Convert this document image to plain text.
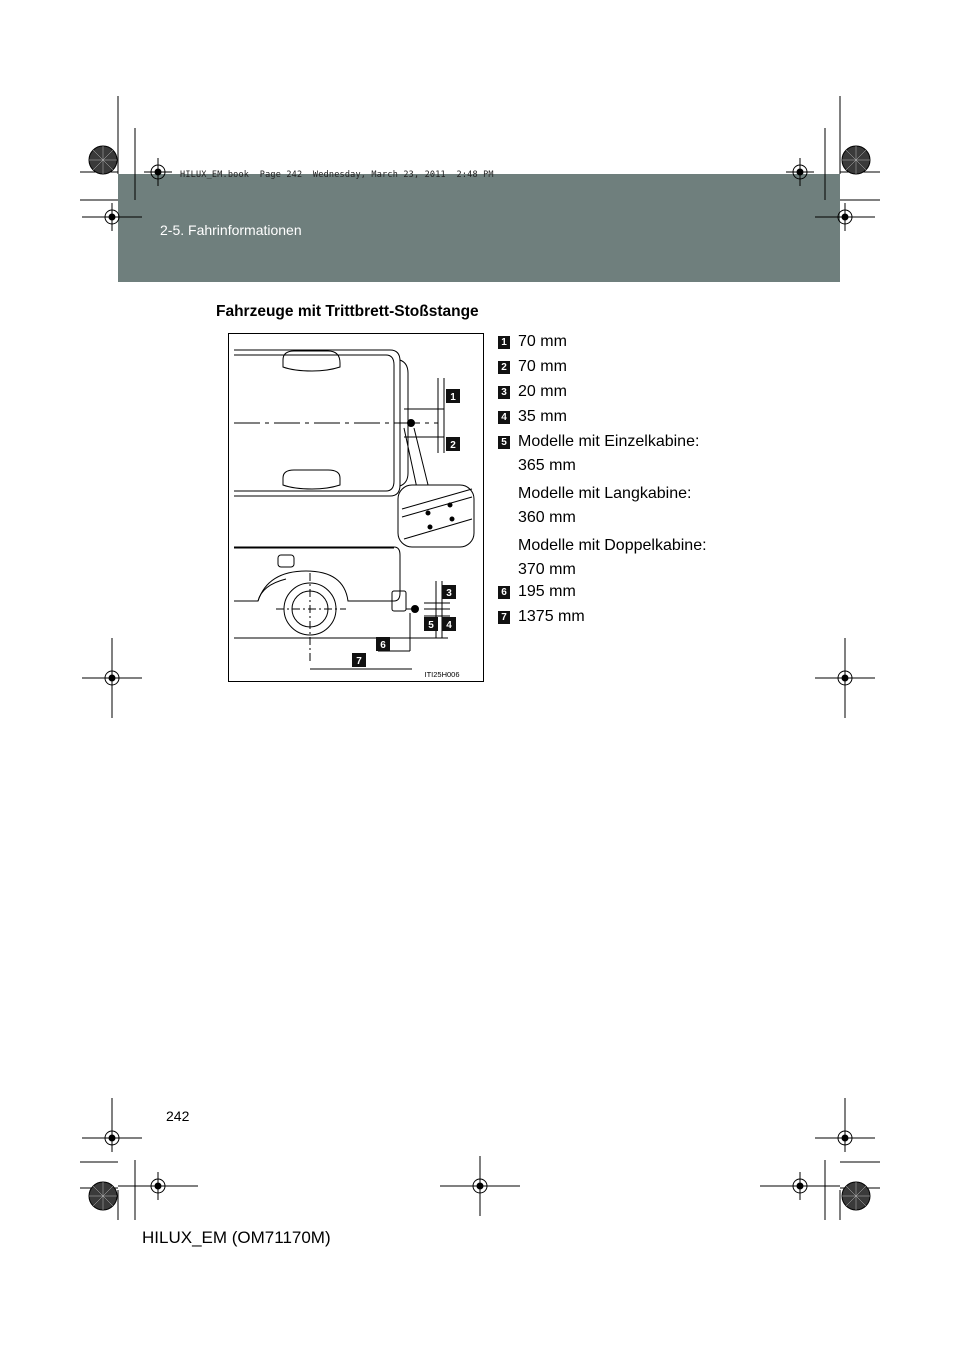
HILUX_EM.book  Page 242  Wednesday, March 23, 2011  2:48 PM
2-5. Fahrinformationen
Fahrzeuge mit Trittbrett-Stoßstange
1
2
3
4
5
6
7
ITI25H006
1 70 mm
2 70 mm
3 20 mm
4 35 mm
5 Modelle mit Einzelkabine:
365 mm
Modelle mit Langkabine:
360 mm
Modelle mit Doppelkabine:
370 mm
6 195 mm
7 1375 mm
242
HILUX_EM (OM71170M)
